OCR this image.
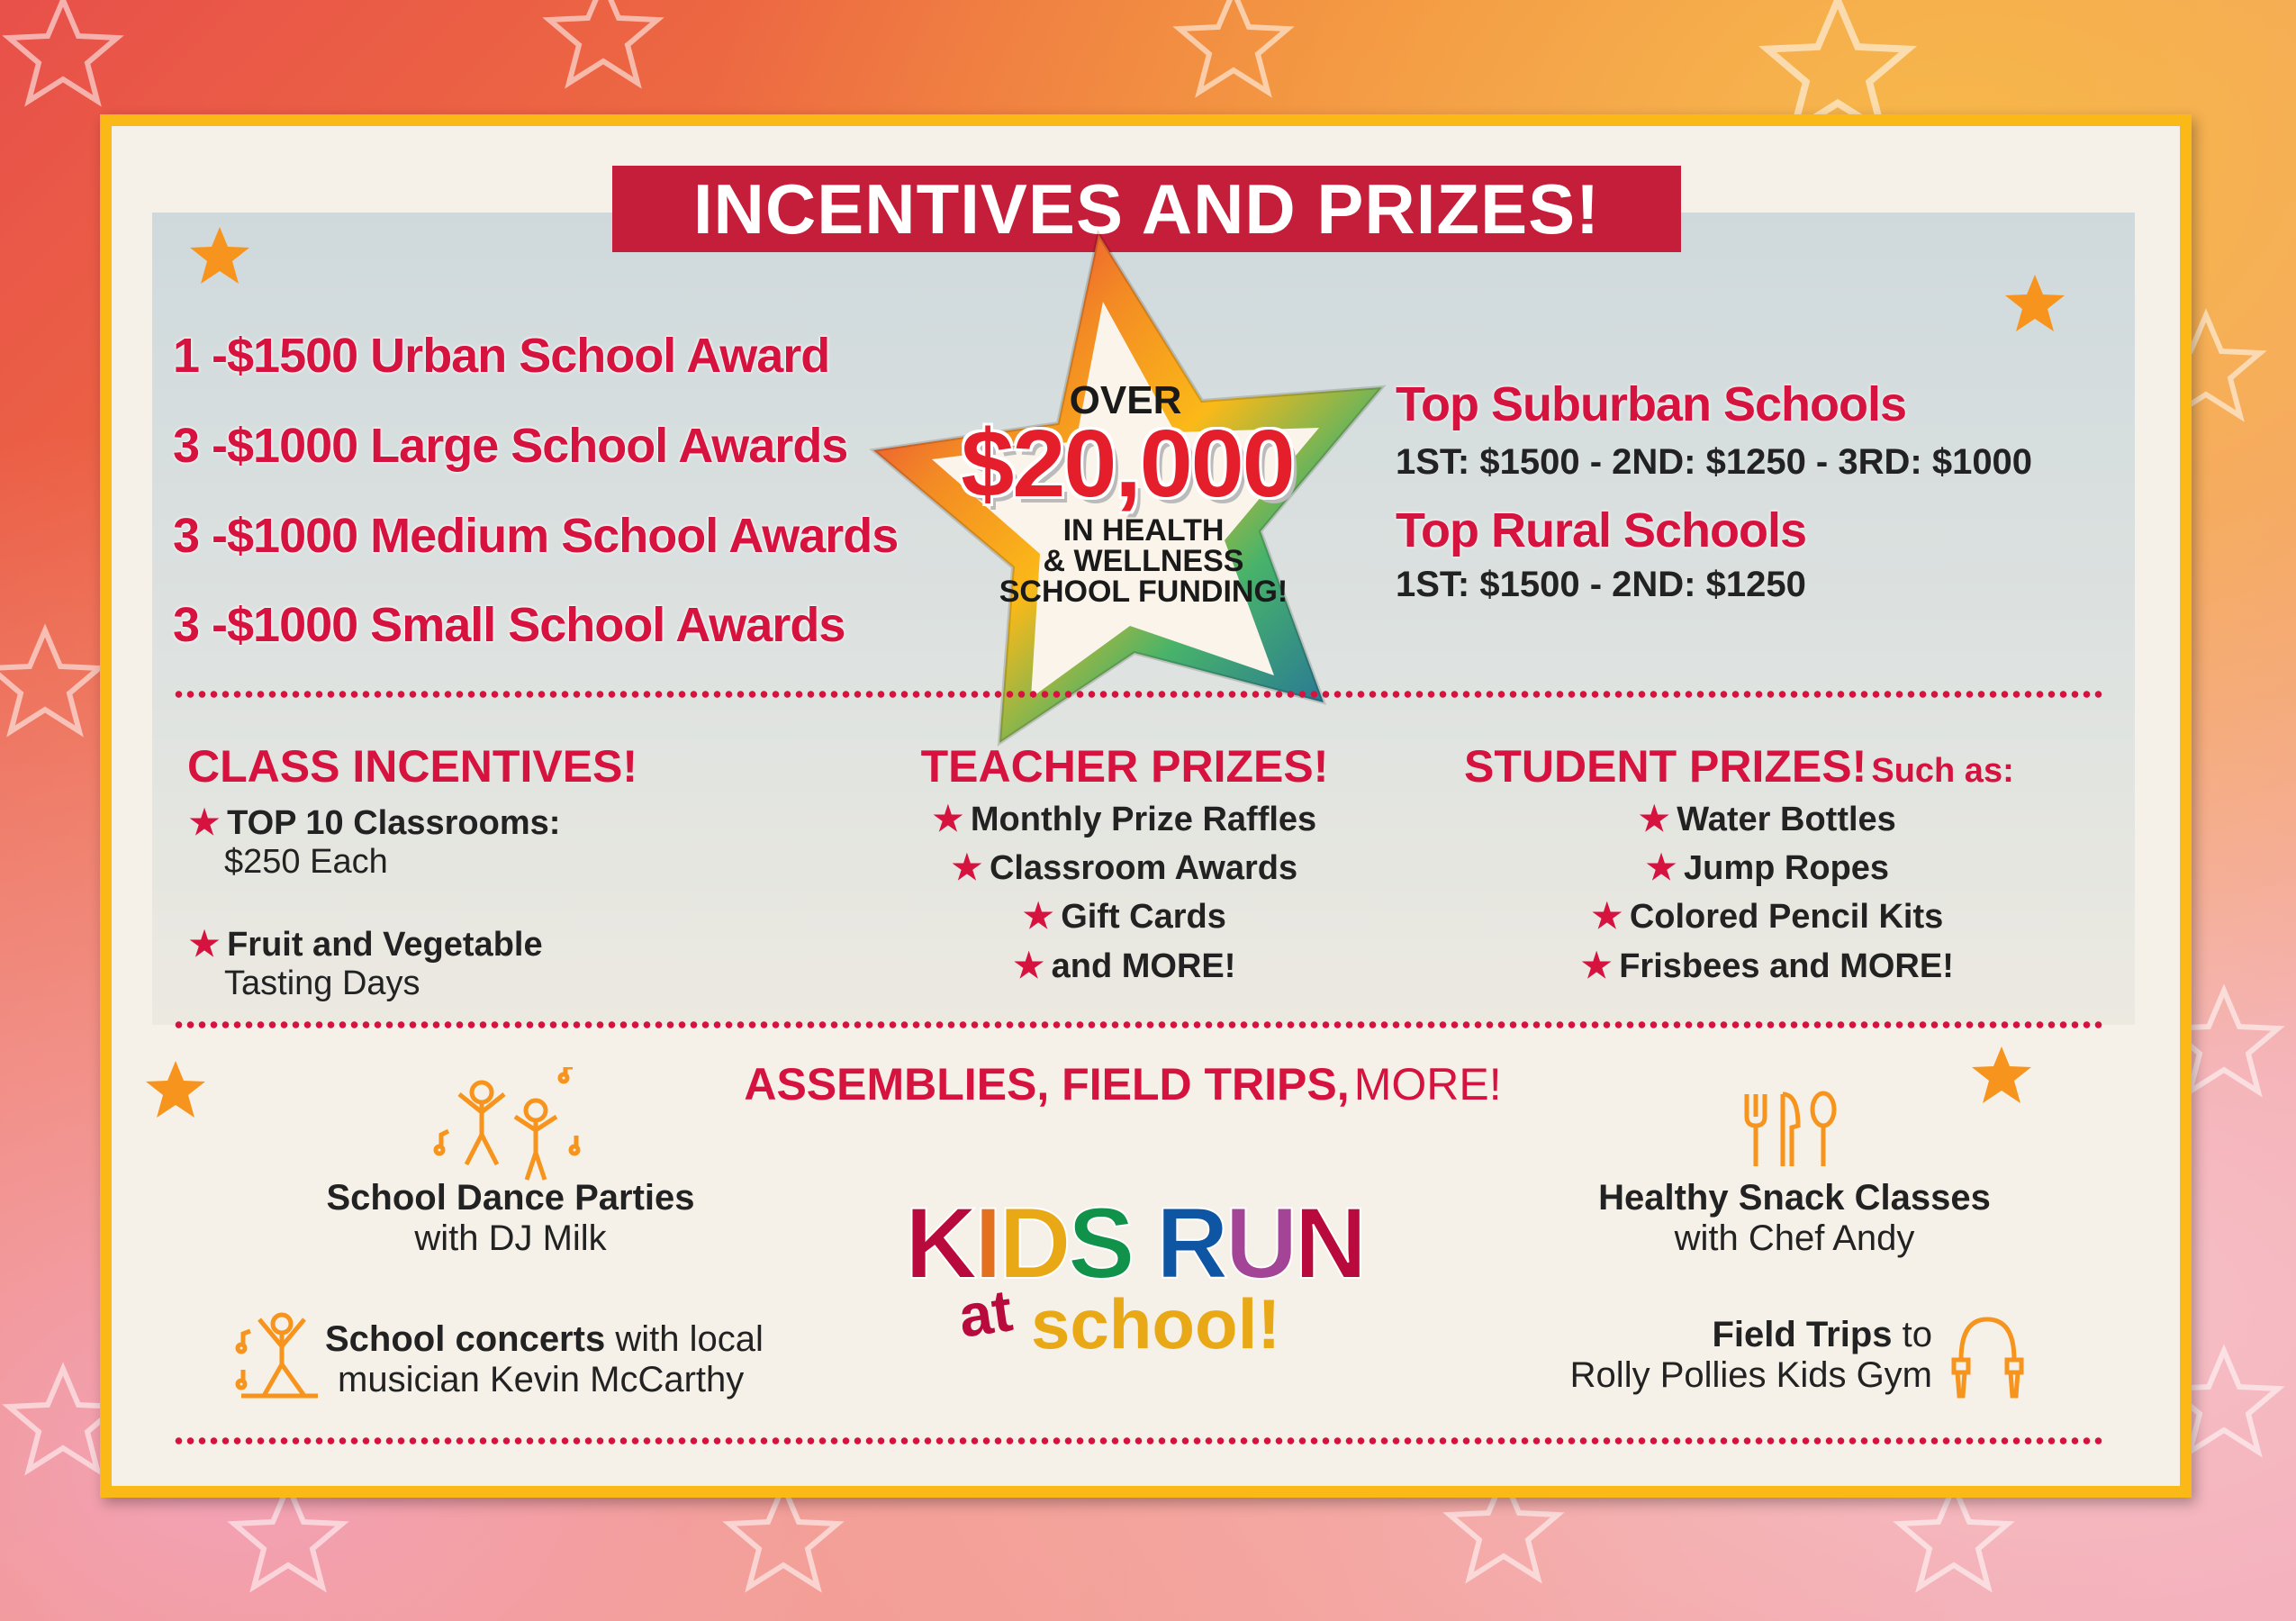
INCENTIVES AND PRIZES!
1 -$1500 Urban School Award
3 -$1000 Large School Awards
3 -$1000 Medium School Awards
3 -$1000 Small School Awards
OVER
$20,000
IN HEALTH
& WELLNESS
SCHOOL FUNDING!
Top Suburban Schools
1ST: $1500 - 2ND: $1250 - 3RD: $1000
Top Rural Schools
1ST: $1500 - 2ND: $1250
CLASS INCENTIVES!
★ TOP 10 Classrooms:
$250 Each
★ Fruit and Vegetable
Tasting Days
TEACHER PRIZES!
★ Monthly Prize Raffles
★ Classroom Awards
★ Gift Cards
★ and MORE!
STUDENT PRIZES! Such as:
★ Water Bottles
★ Jump Ropes
★ Colored Pencil Kits
★ Frisbees and MORE!
ASSEMBLIES, FIELD TRIPS, MORE!
School Dance Parties
with DJ Milk
School concerts with local
musician Kevin McCarthy
KIDS RUN
at school!
Healthy Snack Classes
with Chef Andy
Field Trips to
Rolly Pollies Kids Gym
